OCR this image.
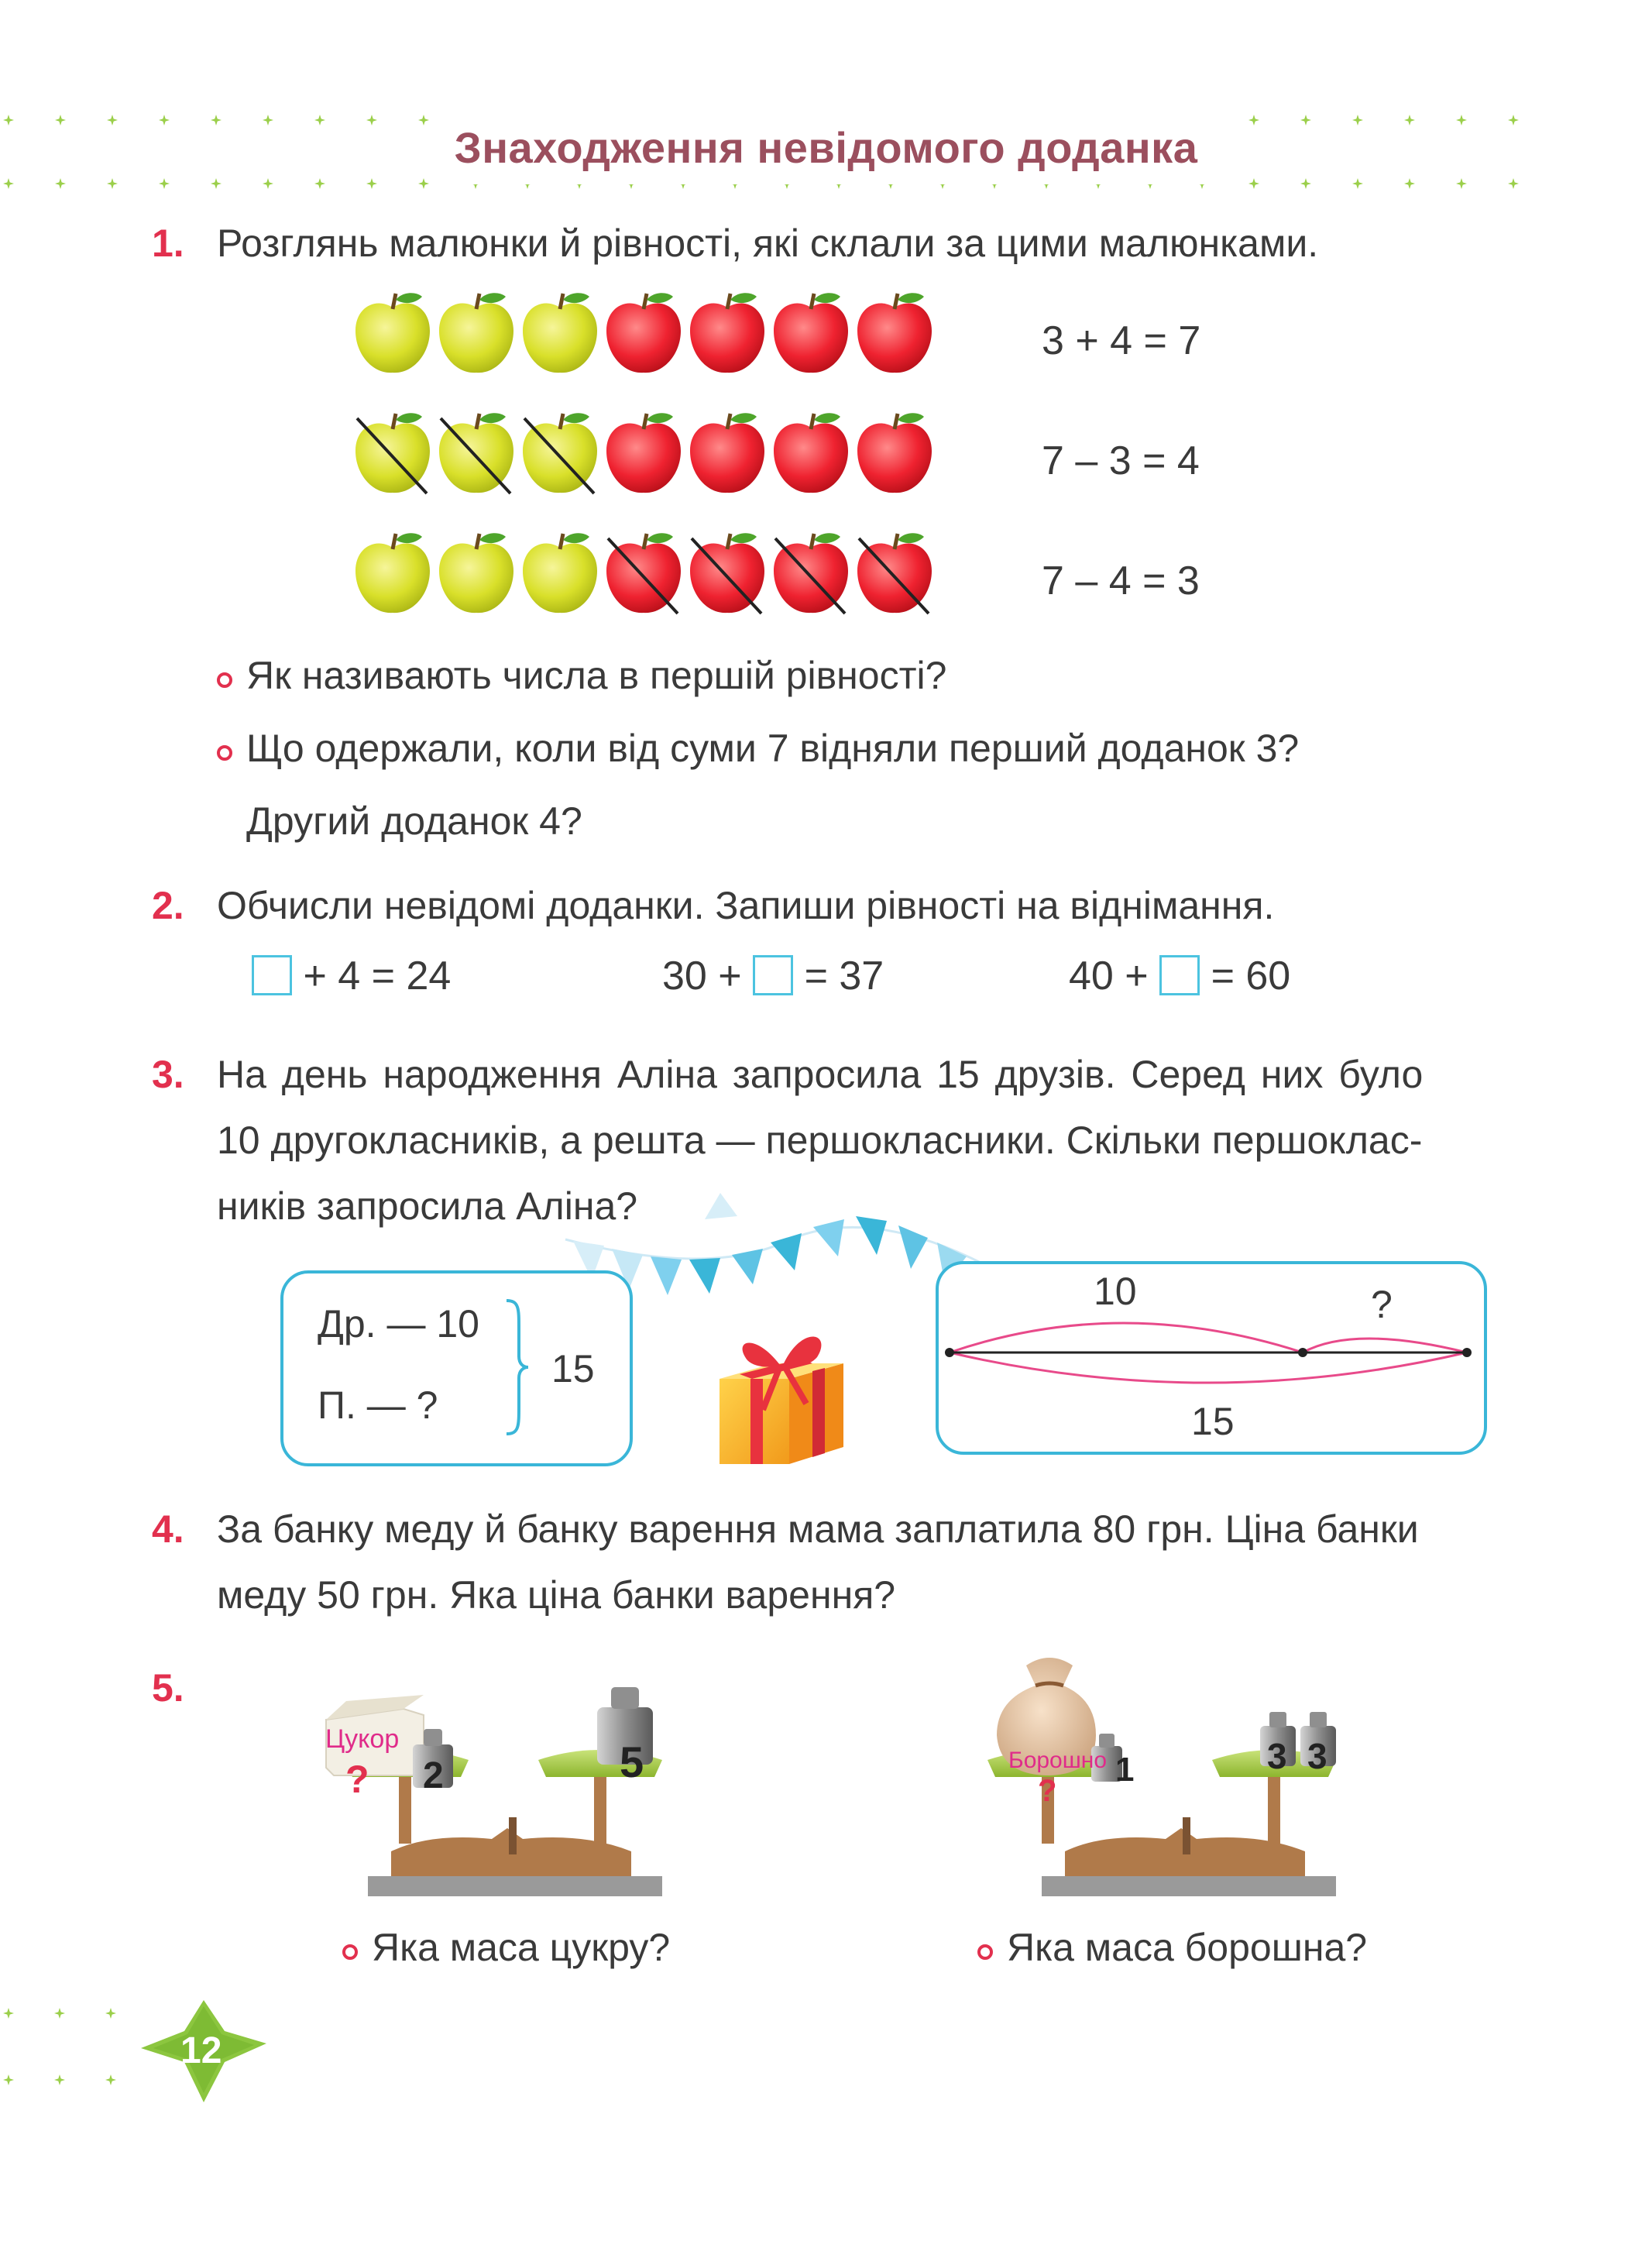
Знаходження невідомого доданка
1. Розглянь малюнки й рівності, які склали за цими малюнками.
3 + 4 = 7
7 – 3 = 4
7 – 4 = 3
Як називають числа в першій рівності?
Що одержали, коли від суми 7 відняли перший доданок 3?
Другий доданок 4?
2. Обчисли невідомі доданки. Запиши рівності на віднімання.
+ 4 = 24	30 + = 37	40 + = 60
3. На день народження Аліна запросила 15 друзів. Серед них було
10 другокласників, а решта — першокласники. Скільки першоклас-
ників запросила Аліна?
Др. — 10
П. — ?
15
10	?
15
4. За банку меду й банку варення мама заплатила 80 грн. Ціна банки
меду 50 грн. Яка ціна банки варення?
5.
Цукор
? 2	5	Борошно
?
1	3 3
Яка маса цукру?	Яка маса борошна?
12
